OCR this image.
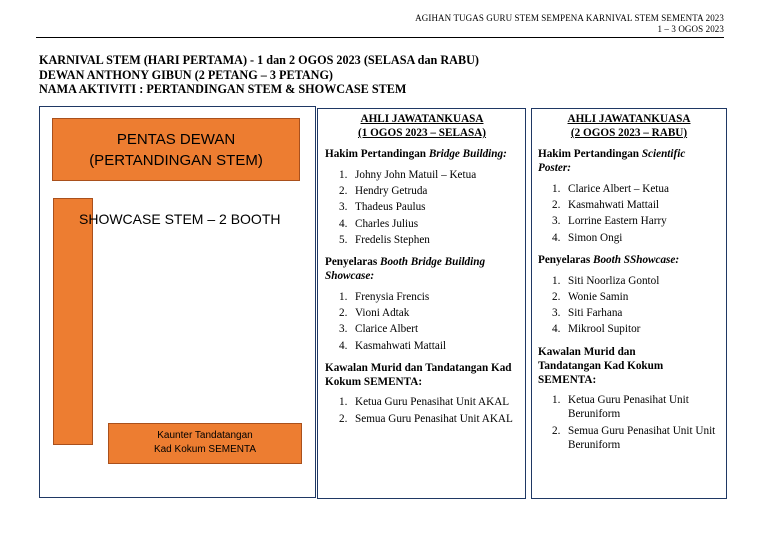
AGIHAN TUGAS GURU STEM SEMPENA KARNIVAL STEM SEMENTA 2023
1 – 3 OGOS 2023
KARNIVAL STEM (HARI PERTAMA) - 1 dan 2 OGOS 2023 (SELASA dan RABU)
DEWAN ANTHONY GIBUN (2 PETANG – 3 PETANG)
NAMA AKTIVITI : PERTANDINGAN STEM & SHOWCASE STEM
PENTAS DEWAN
(PERTANDINGAN STEM)
SHOWCASE STEM – 2 BOOTH
Kaunter Tandatangan
Kad Kokum SEMENTA
AHLI JAWATANKUASA
(1 OGOS 2023 – SELASA)
Hakim Pertandingan Bridge Building:
1. Johny John Matuil – Ketua
2. Hendry Getruda
3. Thadeus Paulus
4. Charles Julius
5. Fredelis Stephen
Penyelaras Booth Bridge Building Showcase:
1. Frenysia Frencis
2. Vioni Adtak
3. Clarice Albert
4. Kasmahwati Mattail
Kawalan Murid dan Tandatangan Kad Kokum SEMENTA:
1. Ketua Guru Penasihat Unit AKAL
2. Semua Guru Penasihat Unit AKAL
AHLI JAWATANKUASA
(2 OGOS 2023 – RABU)
Hakim Pertandingan Scientific Poster:
1. Clarice Albert – Ketua
2. Kasmahwati Mattail
3. Lorrine Eastern Harry
4. Simon Ongi
Penyelaras Booth SShowcase:
1. Siti Noorliza Gontol
2. Wonie Samin
3. Siti Farhana
4. Mikrool Supitor
Kawalan Murid dan Tandatangan Kad Kokum SEMENTA:
1. Ketua Guru Penasihat Unit Beruniform
2. Semua Guru Penasihat Unit Unit Beruniform
